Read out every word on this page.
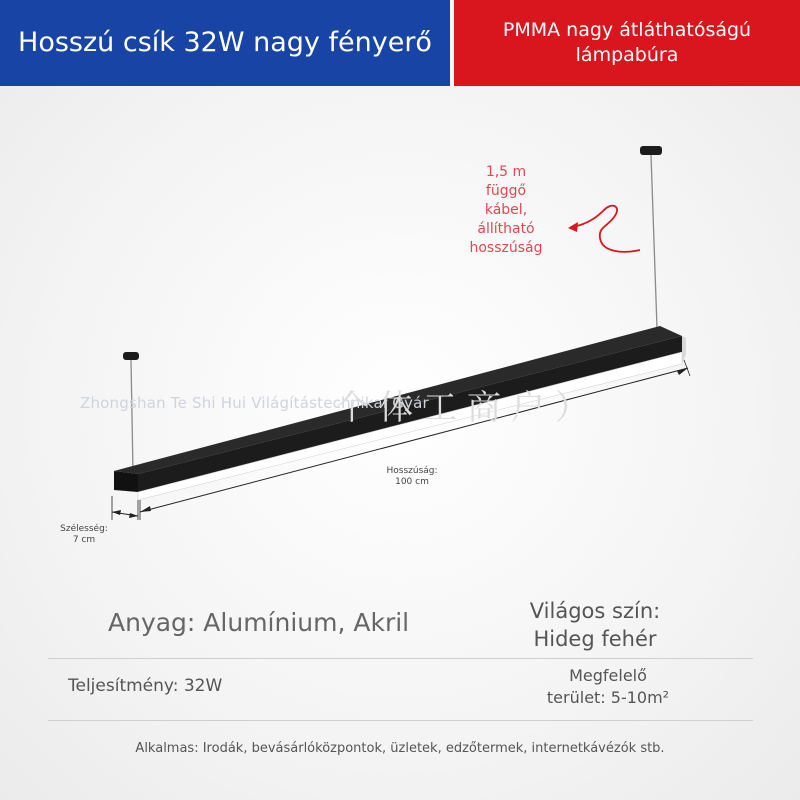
Hosszú csík 32W nagy fényerő	PMMA nagy átláthatóságú lámpabúra
1,5 m
függő
kábel,
állítható
hosszúság
Zhongshan Te Shi Hui Világítástechnikai Gyár
个体工商户）
Hosszúság:
100 cm
Szélesség:
7 cm
Anyag: Alumínium, Akril	Világos szín:
Hideg fehér
Teljesítmény: 32W
Megfelelő
terület: 5-10m²
Alkalmas: Irodák, bevásárlóközpontok, üzletek, edzőtermek, internetkávézók stb.
